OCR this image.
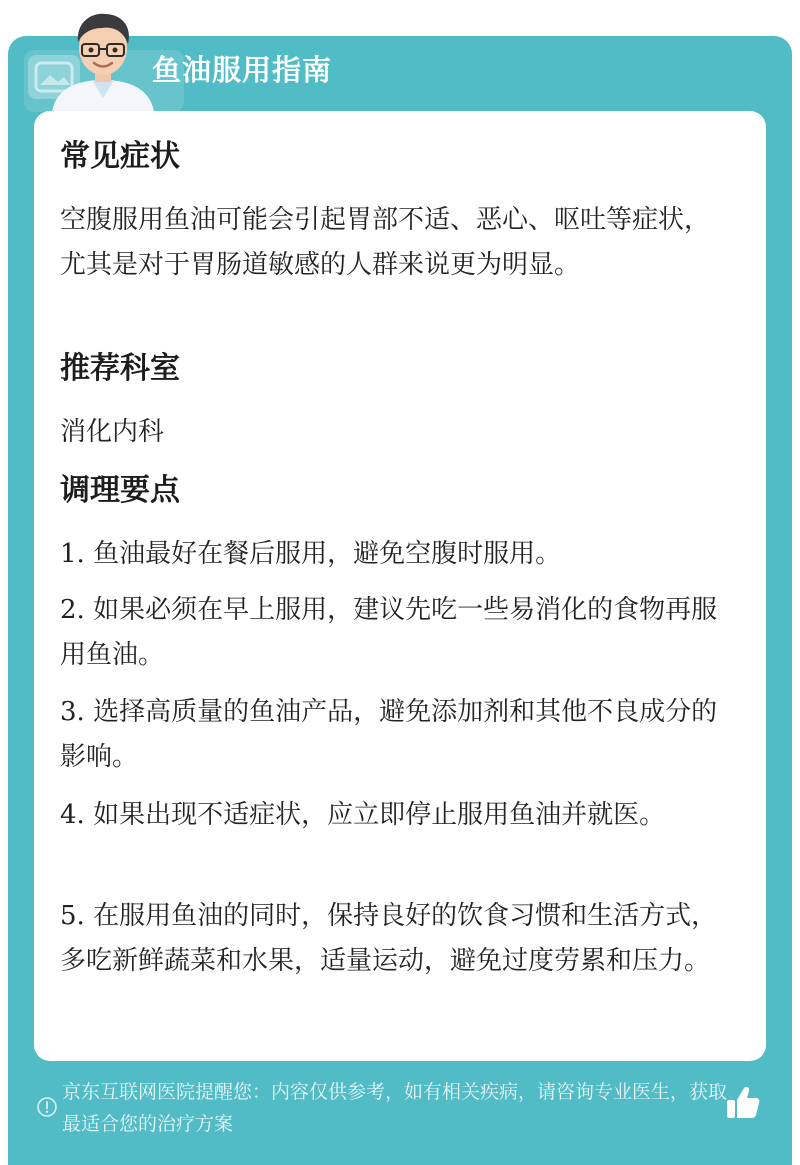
鱼油服用指南
常见症状

空腹服用鱼油可能会引起胃部不适、恶心、呕吐等症状，尤其是对于胃肠道敏感的人群来说更为明显。

推荐科室

消化内科

调理要点

1. 鱼油最好在餐后服用，避免空腹时服用。

2. 如果必须在早上服用，建议先吃一些易消化的食物再服用鱼油。

3. 选择高质量的鱼油产品，避免添加剂和其他不良成分的影响。

4. 如果出现不适症状，应立即停止服用鱼油并就医。

5. 在服用鱼油的同时，保持良好的饮食习惯和生活方式，多吃新鲜蔬菜和水果，适量运动，避免过度劳累和压力。

京东互联网医院提醒您：内容仅供参考，如有相关疾病，请咨询专业医生，获取最适合您的治疗方案
